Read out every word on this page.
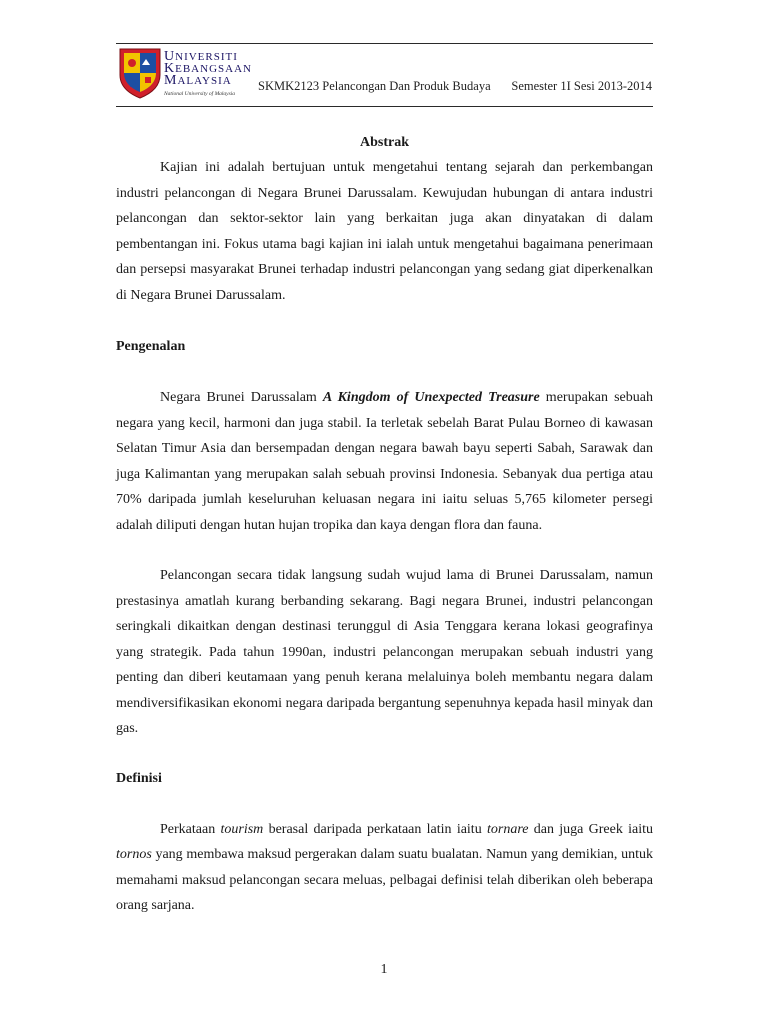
UNIVERSITI
KEBANGSAAN
MALAYSIA
National University of Malaysia
SKMK2123 Pelancongan Dan Produk Budaya Semester 1I Sesi 2013-2014
Abstrak

Kajian ini adalah bertujuan untuk mengetahui tentang sejarah dan perkembangan industri pelancongan di Negara Brunei Darussalam. Kewujudan hubungan di antara industri pelancongan dan sektor-sektor lain yang berkaitan juga akan dinyatakan di dalam pembentangan ini. Fokus utama bagi kajian ini ialah untuk mengetahui bagaimana penerimaan dan persepsi masyarakat Brunei terhadap industri pelancongan yang sedang giat diperkenalkan di Negara Brunei Darussalam.

Pengenalan

Negara Brunei Darussalam A Kingdom of Unexpected Treasure merupakan sebuah negara yang kecil, harmoni dan juga stabil. Ia terletak sebelah Barat Pulau Borneo di kawasan Selatan Timur Asia dan bersempadan dengan negara bawah bayu seperti Sabah, Sarawak dan juga Kalimantan yang merupakan salah sebuah provinsi Indonesia. Sebanyak dua pertiga atau 70% daripada jumlah keseluruhan keluasan negara ini iaitu seluas 5,765 kilometer persegi adalah diliputi dengan hutan hujan tropika dan kaya dengan flora dan fauna.

Pelancongan secara tidak langsung sudah wujud lama di Brunei Darussalam, namun prestasinya amatlah kurang berbanding sekarang. Bagi negara Brunei, industri pelancongan seringkali dikaitkan dengan destinasi terunggul di Asia Tenggara kerana lokasi geografinya yang strategik. Pada tahun 1990an, industri pelancongan merupakan sebuah industri yang penting dan diberi keutamaan yang penuh kerana melaluinya boleh membantu negara dalam mendiversifikasikan ekonomi negara daripada bergantung sepenuhnya kepada hasil minyak dan gas.

Definisi

Perkataan tourism berasal daripada perkataan latin iaitu tornare dan juga Greek iaitu tornos yang membawa maksud pergerakan dalam suatu bualatan. Namun yang demikian, untuk memahami maksud pelancongan secara meluas, pelbagai definisi telah diberikan oleh beberapa orang sarjana.

1
